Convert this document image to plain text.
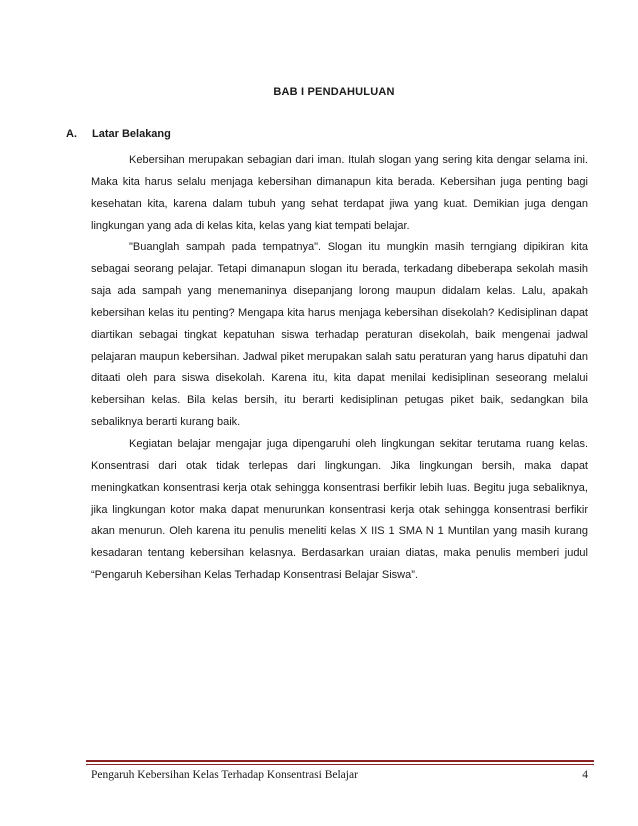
BAB I PENDAHULUAN
A. Latar Belakang

Kebersihan merupakan sebagian dari iman. Itulah slogan yang sering kita dengar selama ini. Maka kita harus selalu menjaga kebersihan dimanapun kita berada. Kebersihan juga penting bagi kesehatan kita, karena dalam tubuh yang sehat terdapat jiwa yang kuat. Demikian juga dengan lingkungan yang ada di kelas kita, kelas yang kiat tempati belajar.

"Buanglah sampah pada tempatnya". Slogan itu mungkin masih terngiang dipikiran kita sebagai seorang pelajar. Tetapi dimanapun slogan itu berada, terkadang dibeberapa sekolah masih saja ada sampah yang menemaninya disepanjang lorong maupun didalam kelas. Lalu, apakah kebersihan kelas itu penting? Mengapa kita harus menjaga kebersihan disekolah? Kedisiplinan dapat diartikan sebagai tingkat kepatuhan siswa terhadap peraturan disekolah, baik mengenai jadwal pelajaran maupun kebersihan. Jadwal piket merupakan salah satu peraturan yang harus dipatuhi dan ditaati oleh para siswa disekolah. Karena itu, kita dapat menilai kedisiplinan seseorang melalui kebersihan kelas. Bila kelas bersih, itu berarti kedisiplinan petugas piket baik, sedangkan bila sebaliknya berarti kurang baik.

Kegiatan belajar mengajar juga dipengaruhi oleh lingkungan sekitar terutama ruang kelas. Konsentrasi dari otak tidak terlepas dari lingkungan. Jika lingkungan bersih, maka dapat meningkatkan konsentrasi kerja otak sehingga konsentrasi berfikir lebih luas. Begitu juga sebaliknya, jika lingkungan kotor maka dapat menurunkan konsentrasi kerja otak sehingga konsentrasi berfikir akan menurun. Oleh karena itu penulis meneliti kelas X IIS 1 SMA N 1 Muntilan yang masih kurang kesadaran tentang kebersihan kelasnya. Berdasarkan uraian diatas, maka penulis memberi judul “Pengaruh Kebersihan Kelas Terhadap Konsentrasi Belajar Siswa”.

Pengaruh Kebersihan Kelas Terhadap Konsentrasi Belajar	4
